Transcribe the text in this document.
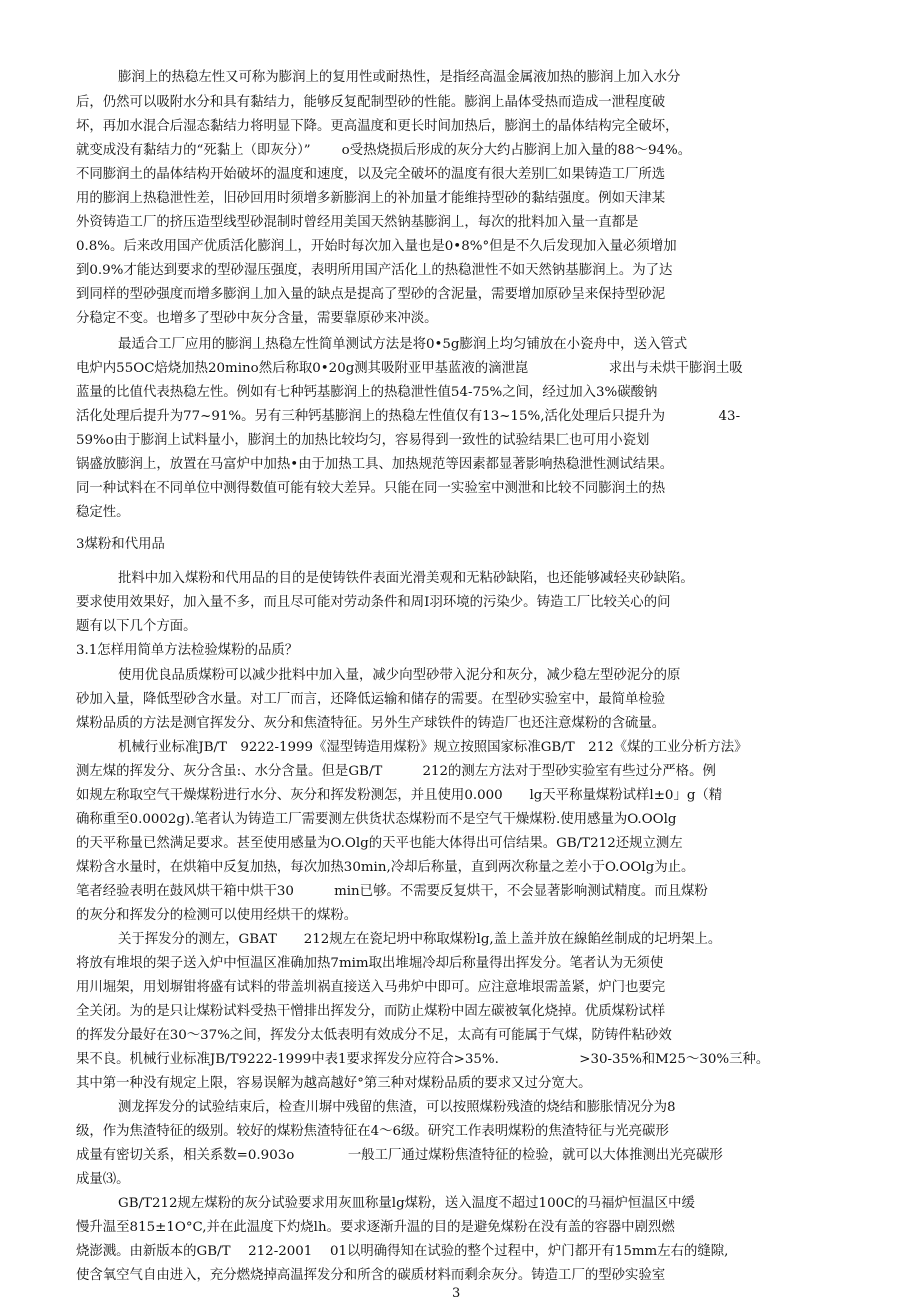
膨润上的热稳左性又可称为膨润上的复用性或耐热性，是指经高温金属液加热的膨润上加入水分
后，仍然可以吸附水分和具有黏结力，能够反复配制型砂的性能。膨润上晶体受热而造成一泄程度破
坏，再加水混合后湿态黏结力将明显下降。更高温度和更长时间加热后，膨润土的晶体结构完全破坏，
就变成没有黏结力的“死黏上（即灰分）”　　 o受热烧损后形成的灰分大约占膨润上加入量的88〜94%。
不同膨润土的晶体结构开始破坏的温度和速度，以及完全破坏的温度有很大差别匚如果铸造工厂所选
用的膨润上热稳泄性差，旧砂回用时须增多新膨润上的补加量才能维持型砂的黏结强度。例如天津某
外资铸造工厂的挤压造型线型砂混制时曾经用美国天然钠基膨润丄，每次的批料加入量一直都是
0.8%。后来改用国产优质活化膨润丄，开始时每次加入量也是0•8%°但是不久后发现加入量必须增加
到0.9%才能达到要求的型砂湿压强度，表明所用国产活化丄的热稳泄性不如天然钠基膨润上。为了达
到同样的型砂强度而增多膨润丄加入量的缺点是提高了型砂的含泥量，需要增加原砂呈来保持型砂泥
分稳定不变。也增多了型砂中灰分含量，需要靠原砂来冲淡。
最适合工厂应用的膨润丄热稳左性简单测试方法是将0•5g膨润上均匀铺放在小瓷舟中，送入管式
电炉内55OC焙烧加热20mino然后称取0•20g测其吸附亚甲基蓝液的滴泄崑　　　　　　求出与未烘干膨润土吸
蓝量的比值代表热稳左性。例如有七种钙基膨润上的热稳泄性值54-75%之间，经过加入3%碳酸钠
活化处理后提升为77~91%。另有三种钙基膨润上的热稳左性值仅有13~15%,活化处理后只提升为　　　　43-
59%o由于膨润上试料量小，膨润土的加热比较均匀，容易得到一致性的试验结果匚也可用小瓷划
锅盛放膨润上，放置在马富炉中加热•由于加热工具、加热规范等因素都显著影响热稳泄性测试结果。
同一种试料在不同单位中测得数值可能有较大差异。只能在同一实验室中测泄和比较不同膨润土的热
稳定性。
3煤粉和代用品
批料中加入煤粉和代用品的目的是使铸铁件表面光滑美观和无粘砂缺陷，也还能够减轻夹砂缺陷。
要求使用效果好，加入量不多，而且尽可能对劳动条件和周I羽环境的污染少。铸造工厂比较关心的问
题有以下几个方面。
3.1怎样用简单方法检验煤粉的品质？
使用优良品质煤粉可以减少批料中加入量，减少向型砂带入泥分和灰分，减少稳左型砂泥分的原
砂加入量，降低型砂含水量。对工厂而言，还降低运输和储存的需要。在型砂实验室中，最简单检验
煤粉品质的方法是测官挥发分、灰分和焦渣特征。另外生产球铁件的铸造厂也还注意煤粉的含硫量。
机械行业标准JB/T　9222-1999《湿型铸造用煤粉》规立按照国家标准GB/T　212《煤的工业分析方法》
测左煤的挥发分、灰分含虽:、水分含量。但是GB/T　　　212的测左方法对于型砂实验室有些过分严格。例
如规左称取空气干燥煤粉进行水分、灰分和挥发粉测怎，并且使用0.000　　lg天平称量煤粉试样l±0」g（精
确称重至0.0002g).笔者认为铸造工厂需要测左供货状态煤粉而不是空气干燥煤粉.使用感量为O.OOlg
的天平称量已然满足要求。甚至使用感量为O.Olg的天平也能大体得出可信结果。GB/T212还规立测左
煤粉含水量时，在烘箱中反复加热，每次加热30min,冷却后称量，直到两次称量之差小于O.OOlg为止。
笔者经验表明在鼓风烘干箱中烘干30　　　min已够。不需要反复烘干，不会显著影响测试精度。而且煤粉
的灰分和挥发分的检测可以使用经烘干的煤粉。
关于挥发分的测左，GBAT　　212规左在瓷圮坍中称取煤粉lg,盖上盖并放在線餡丝制成的圮坍架上。
将放有堆垠的架子送入炉中恒温区准确加热7mim取出堆堀冷却后称量得出挥发分。笔者认为无须使
用川堀架，用划塀钳将盛有试料的带盖圳祸直接送入马弗炉中即可。应注意堆垠需盖紧，炉门也要完
全关闭。为的是只让煤粉试料受热干憎排出挥发分，而防止煤粉中固左碳被氧化烧掉。优质煤粉试样
的挥发分最好在30〜37%之间，挥发分太低表明有效成分不足，太高有可能属于气煤，防铸件粘砂效
果不良。机械行业标准JB/T9222-1999中表1要求挥发分应符合>35%.　　　　　　>30-35%和M25〜30%三种。
其中第一种没有规定上限，容易误解为越高越好°第三种对煤粉品质的要求又过分宽大。
测龙挥发分的试验结束后，检查川塀中残留的焦渣，可以按照煤粉残渣的烧结和膨胀情况分为8
级，作为焦渣特征的级别。较好的煤粉焦渣特征在4〜6级。研究工作表明煤粉的焦渣特征与光亮碳形
成量有密切关系，相关系数=0.903o　　　　一般工厂通过煤粉焦渣特征的检验，就可以大体推测出光亮碳形
成量⑶。
GB/T212规左煤粉的灰分试验要求用灰皿称量lg煤粉，送入温度不超过100C的马福炉恒温区中缓
慢升温至815±1O°C,并在此温度下灼烧lh。要求逐渐升温的目的是避免煤粉在没有盖的容器中剧烈燃
烧澎溅。由新版本的GB/T　 212-2001　 01以明确得知在试验的整个过程中，炉门都开有15mm左右的缝隙,
使含氧空气自由进入，充分燃烧掉高温挥发分和所含的碳质材料而剩余灰分。铸造工厂的型砂实验室
3
